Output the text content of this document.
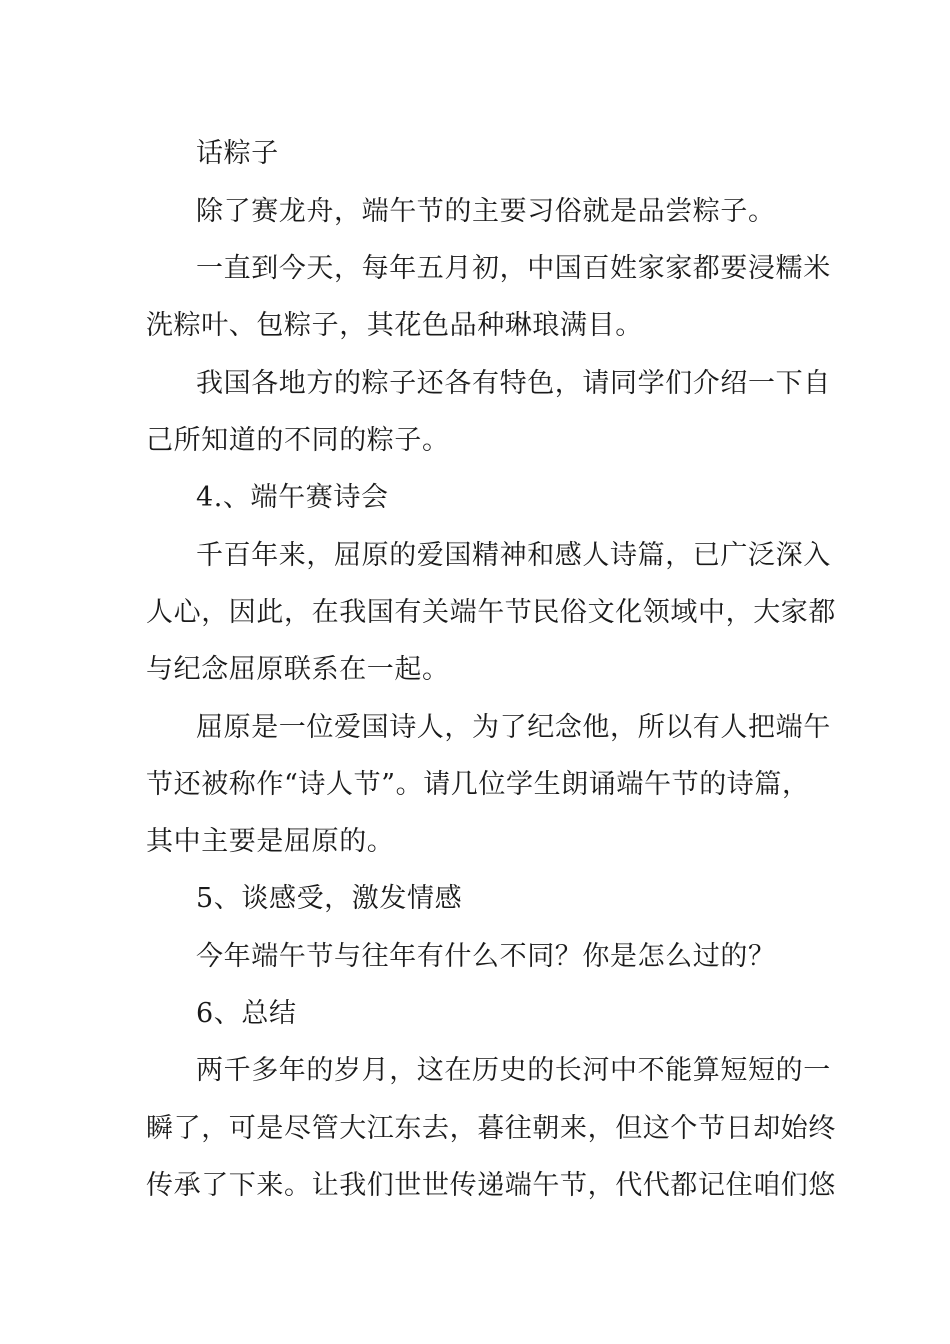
话粽子
除了赛龙舟，端午节的主要习俗就是品尝粽子。
一直到今天，每年五月初，中国百姓家家都要浸糯米
洗粽叶、包粽子，其花色品种琳琅满目。
我国各地方的粽子还各有特色，请同学们介绍一下自
己所知道的不同的粽子。
4.、端午赛诗会
千百年来，屈原的爱国精神和感人诗篇，已广泛深入
人心，因此，在我国有关端午节民俗文化领域中，大家都
与纪念屈原联系在一起。
屈原是一位爱国诗人，为了纪念他，所以有人把端午
节还被称作“诗人节”。请几位学生朗诵端午节的诗篇，
其中主要是屈原的。
5、谈感受，激发情感
今年端午节与往年有什么不同？你是怎么过的？
6、总结
两千多年的岁月，这在历史的长河中不能算短短的一
瞬了，可是尽管大江东去，暮往朝来，但这个节日却始终
传承了下来。让我们世世传递端午节，代代都记住咱们悠
